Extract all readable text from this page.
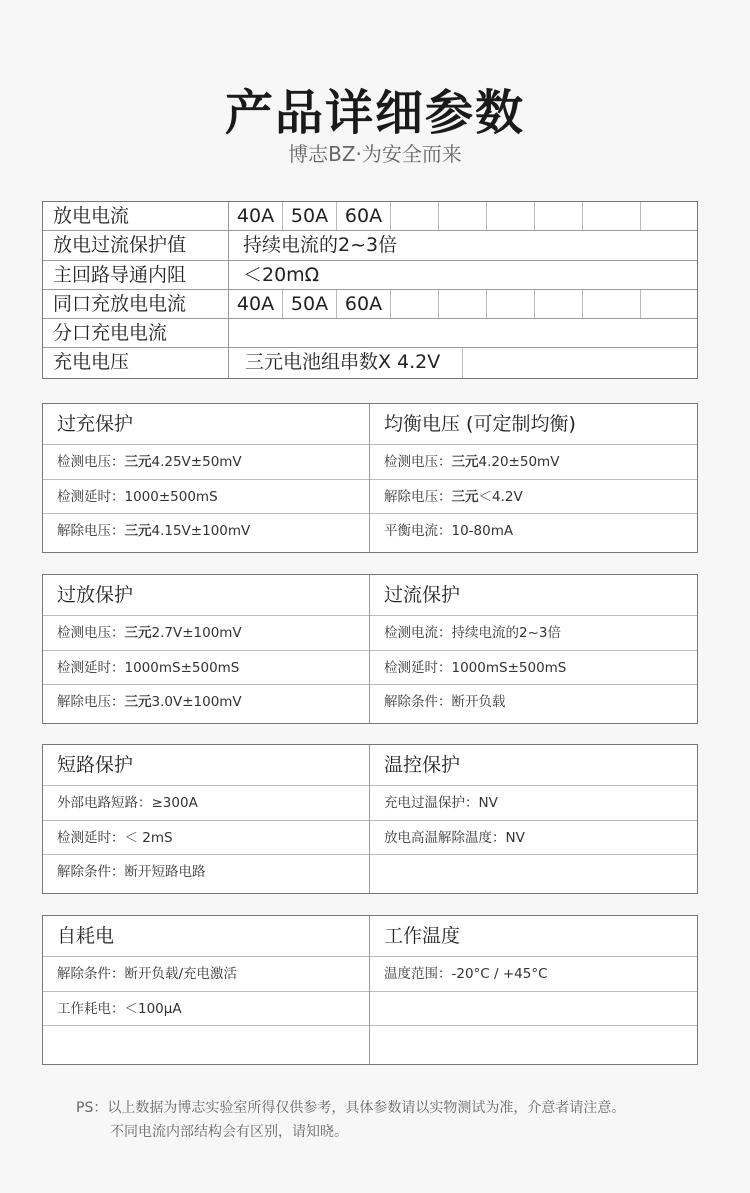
产品详细参数
博志BZ·为安全而来
放电电流	40A 50A 60A
放电过流保护值	持续电流的2~3倍
主回路导通内阻	＜20mΩ
同口充放电电流	40A 50A 60A
分口充电电流
充电电压	三元电池组串数X 4.2V
过充保护
检测电压：三元4.25V±50mV
检测延时：1000±500mS
解除电压：三元4.15V±100mV
均衡电压 (可定制均衡)
检测电压：三元4.20±50mV
解除电压：三元＜4.2V
平衡电流：10-80mA
过放保护
检测电压：三元2.7V±100mV
检测延时：1000mS±500mS
解除电压：三元3.0V±100mV
过流保护
检测电流：持续电流的2~3倍
检测延时：1000mS±500mS
解除条件：断开负载
短路保护
外部电路短路：≥300A
检测延时：＜ 2mS
解除条件：断开短路电路
温控保护
充电过温保护：NV
放电高温解除温度：NV
自耗电
解除条件：断开负载/充电激活
工作耗电：＜100μA
工作温度
温度范围：-20°C / +45°C
PS：以上数据为博志实验室所得仅供参考，具体参数请以实物测试为准，介意者请注意。
不同电流内部结构会有区别，请知晓。
